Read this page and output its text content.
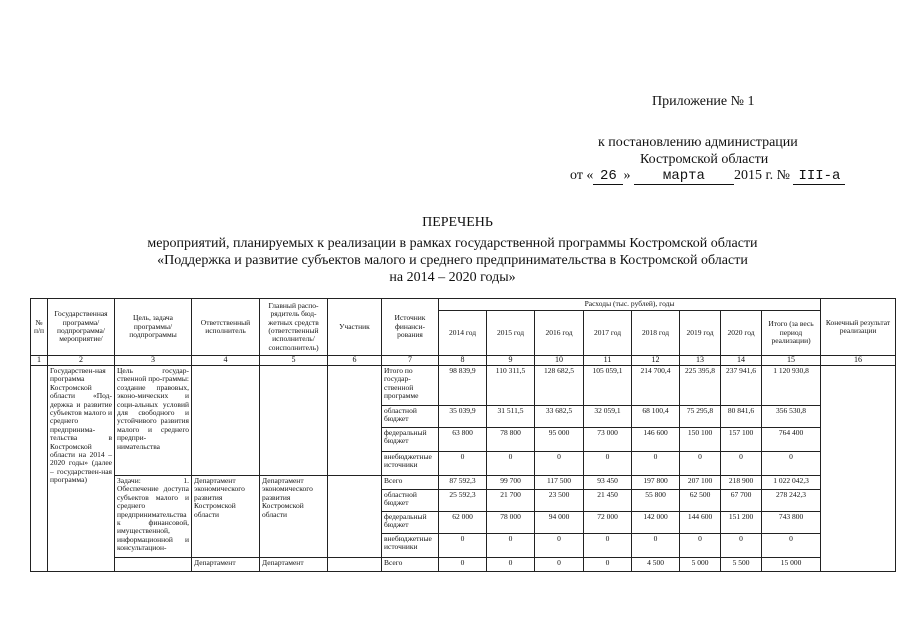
Приложение № 1
к постановлению администрации
Костромской области
от « 26 » марта 2015 г. № III-а
ПЕРЕЧЕНЬ
мероприятий, планируемых к реализации в рамках государственной программы Костромской области
«Поддержка и развитие субъектов малого и среднего предпринимательства в Костромской области
на 2014 – 2020 годы»
№ п/п	Государственная программа/ подпрограмма/ мероприятие/	Цель, задача программы/ подпрограммы	Ответственный исполнитель	Главный распо-рядитель бюд-жетных средств (ответственный исполнитель/ соисполнитель)	Участник	Источник финанси-рования	Расходы (тыс. рублей), годы								Конечный результат реализации
							2014 год	2015 год	2016 год	2017 год	2018 год	2019 год	2020 год	Итого (за весь период реализации)	
1	2	3	4	5	6	7	8	9	10	11	12	13	14	15	16
	Государствен-ная программа Костромской области «Под-держка и развитие субъектов малого и среднего предпринима-тельства в Костромской области на 2014 – 2020 годы» (далее – государствен-ная программа)	Цель государ-ственной про-граммы: создание правовых, эконо-мических и соци-альных условий для свободного и устойчивого развития малого и среднего предпри-нимательства				Итого по государ-ственной программе	98 839,9	110 311,5	128 682,5	105 059,1	214 700,4	225 395,8	237 941,6	1 120 930,8	
						областной бюджет	35 039,9	31 511,5	33 682,5	32 059,1	68 100,4	75 295,8	80 841,6	356 530,8	
						федеральный бюджет	63 800	78 800	95 000	73 000	146 600	150 100	157 100	764 400	
						внебюджетные источники	0	0	0	0	0	0	0	0	
		Задачи: 1. Обеспечение доступа субъектов малого и среднего предпринимательства к финансовой, имущественной, информационной и консультацион-	Департамент экономического развития Костромской области	Департамент экономического развития Костромской области		Всего	87 592,3	99 700	117 500	93 450	197 800	207 100	218 900	1 022 042,3	
						областной бюджет	25 592,3	21 700	23 500	21 450	55 800	62 500	67 700	278 242,3	
						федеральный бюджет	62 000	78 000	94 000	72 000	142 000	144 600	151 200	743 800	
						внебюджетные источники	0	0	0	0	0	0	0	0	
			Департамент	Департамент		Всего	0	0	0	0	4 500	5 000	5 500	15 000	
